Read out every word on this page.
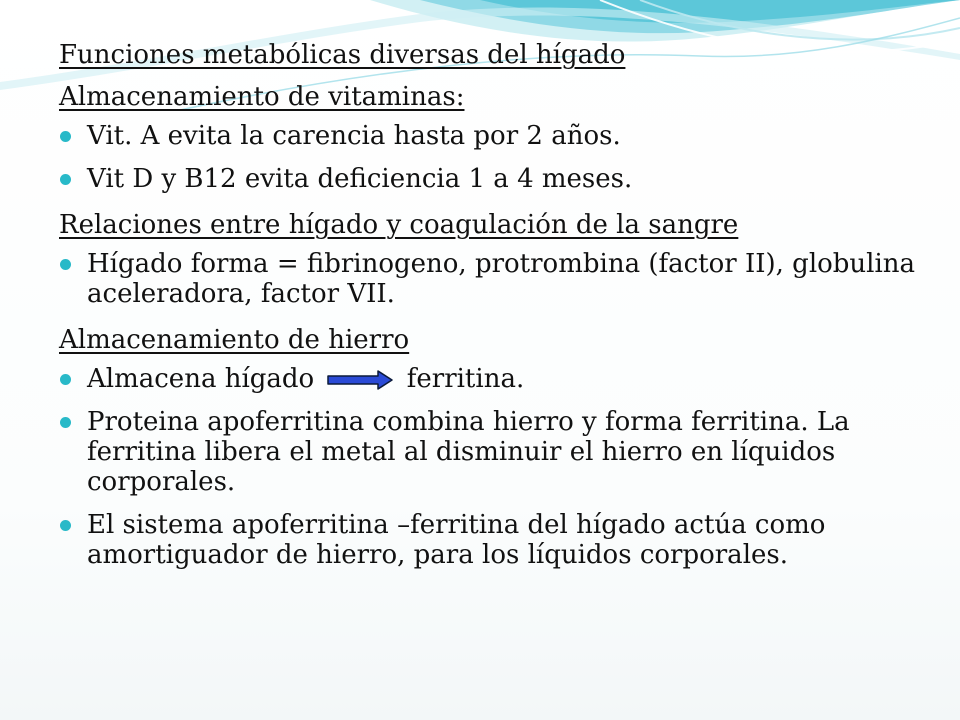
Funciones metabólicas diversas del hígado
Almacenamiento de vitaminas:
Vit. A evita la carencia hasta por 2 años.
Vit D y B12 evita deficiencia 1 a 4 meses.
Relaciones entre hígado y coagulación de la sangre
Hígado forma = fibrinogeno, protrombina (factor II), globulina aceleradora, factor VII.
Almacenamiento de hierro
Almacena hígado	ferritina.
Proteina apoferritina combina hierro y forma ferritina. La ferritina libera el metal al disminuir el hierro en líquidos corporales.
El sistema apoferritina –ferritina del hígado actúa como amortiguador de hierro, para los líquidos corporales.
